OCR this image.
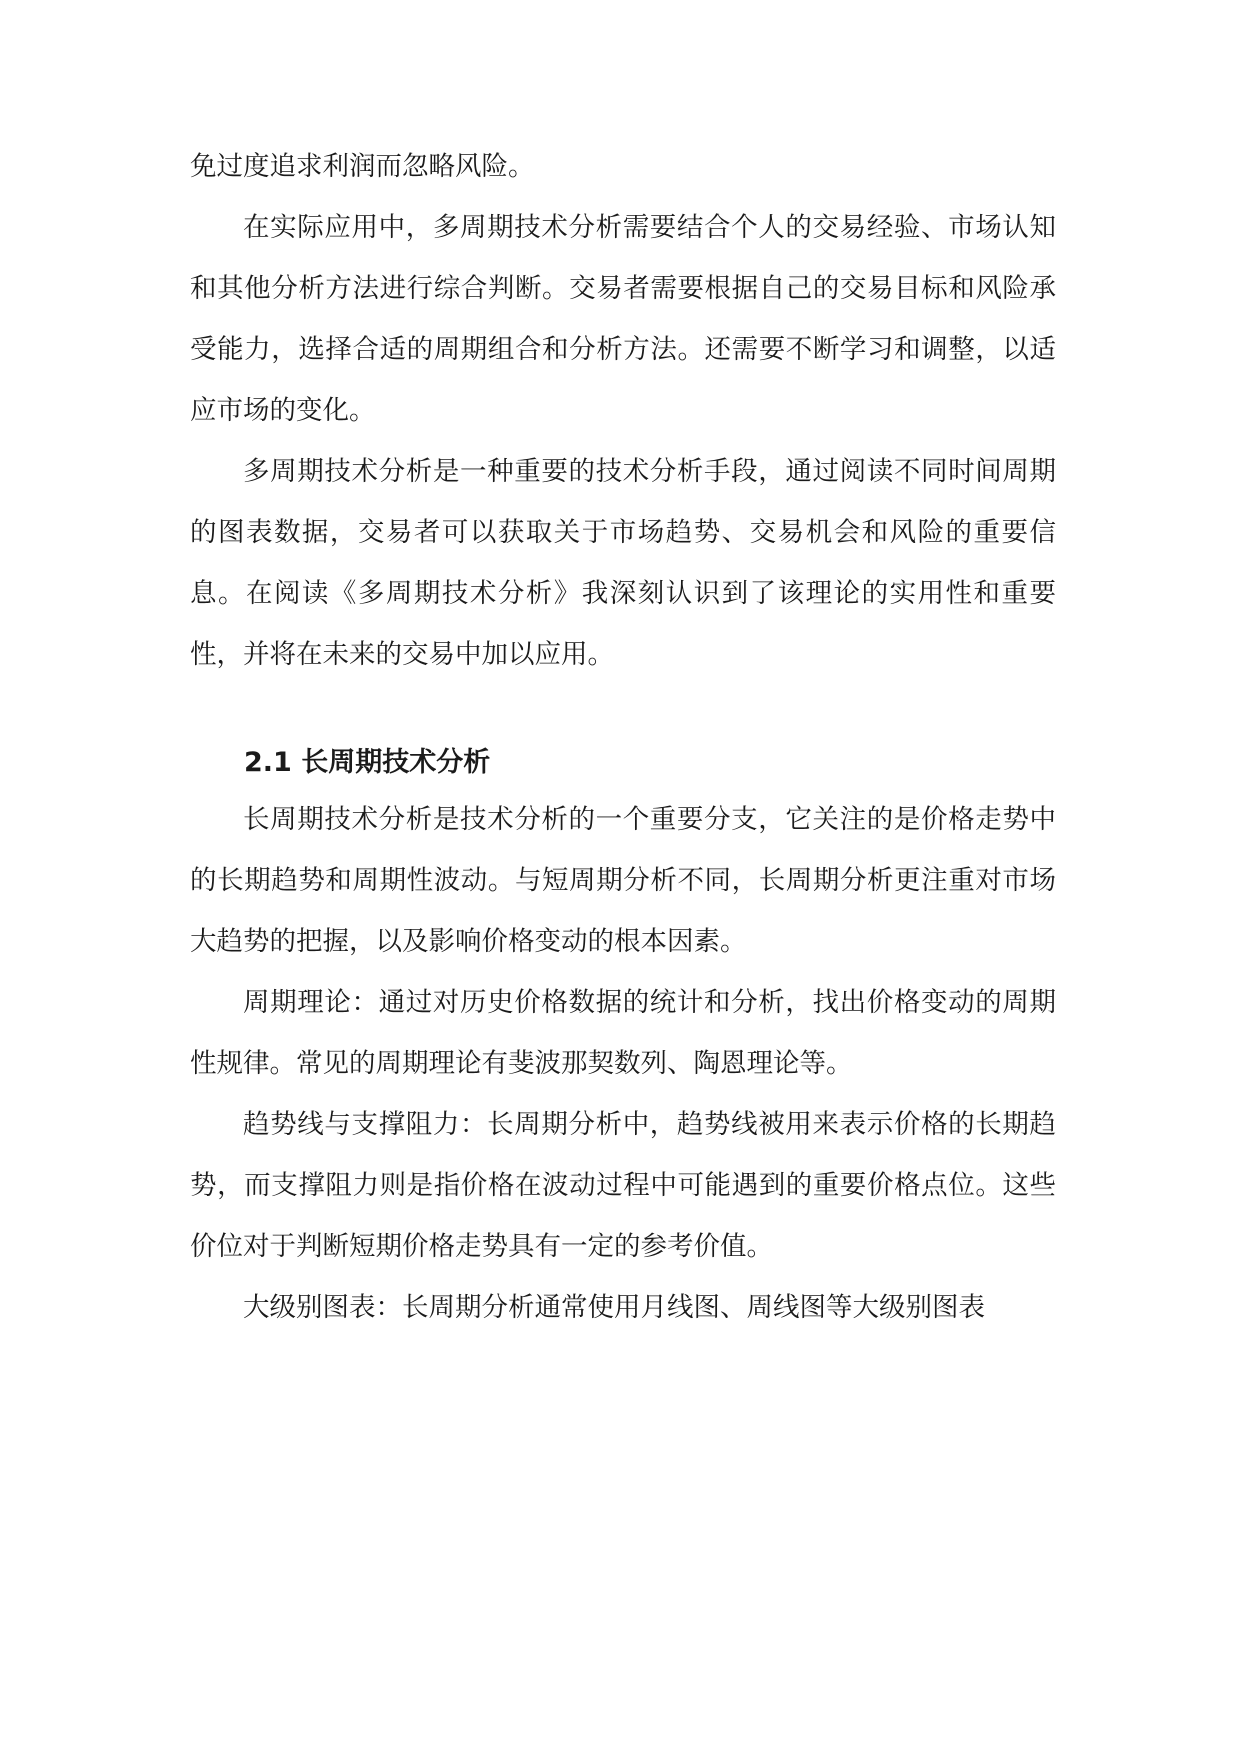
免过度追求利润而忽略风险。

在实际应用中，多周期技术分析需要结合个人的交易经验、市场认知和其他分析方法进行综合判断。交易者需要根据自己的交易目标和风险承受能力，选择合适的周期组合和分析方法。还需要不断学习和调整，以适应市场的变化。

多周期技术分析是一种重要的技术分析手段，通过阅读不同时间周期的图表数据，交易者可以获取关于市场趋势、交易机会和风险的重要信息。在阅读《多周期技术分析》我深刻认识到了该理论的实用性和重要性，并将在未来的交易中加以应用。

2.1 长周期技术分析

长周期技术分析是技术分析的一个重要分支，它关注的是价格走势中的长期趋势和周期性波动。与短周期分析不同，长周期分析更注重对市场大趋势的把握，以及影响价格变动的根本因素。

周期理论：通过对历史价格数据的统计和分析，找出价格变动的周期性规律。常见的周期理论有斐波那契数列、陶恩理论等。

趋势线与支撑阻力：长周期分析中，趋势线被用来表示价格的长期趋势，而支撑阻力则是指价格在波动过程中可能遇到的重要价格点位。这些价位对于判断短期价格走势具有一定的参考价值。

大级别图表：长周期分析通常使用月线图、周线图等大级别图表
